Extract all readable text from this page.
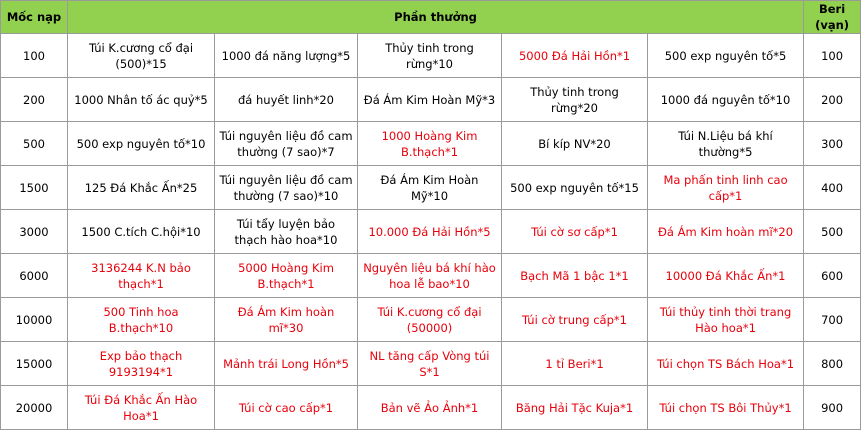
Mốc nạp	Phần thưởng					Beri (vạn)
100	Túi K.cương cổ đại (500)*15	1000 đá năng lượng*5	Thủy tinh trong rừng*10	5000 Đá Hải Hồn*1	500 exp nguyên tố*5	100
200	1000 Nhân tố ác quỷ*5	đá huyết linh*20	Đá Ám Kim Hoàn Mỹ*3	Thủy tinh trong rừng*20	1000 đá nguyên tố*10	200
500	500 exp nguyên tố*10	Túi nguyên liệu đồ cam thường (7 sao)*7	1000 Hoàng Kim B.thạch*1	Bí kíp NV*20	Túi N.Liệu bá khí thường*5	300
1500	125 Đá Khắc Ấn*25	Túi nguyên liệu đồ cam thường (7 sao)*10	Đá Ám Kim Hoàn Mỹ*10	500 exp nguyên tố*15	Ma phấn tinh linh cao cấp*1	400
3000	1500 C.tích C.hội*10	Túi tẩy luyện bảo thạch hào hoa*10	10.000 Đá Hải Hồn*5	Túi cờ sơ cấp*1	Đá Ám Kim hoàn mĩ*20	500
6000	3136244 K.N bảo thạch*1	5000 Hoàng Kim B.thạch*1	Nguyên liệu bá khí hào hoa lễ bao*10	Bạch Mã 1 bậc 1*1	10000 Đá Khắc Ấn*1	600
10000	500 Tinh hoa B.thạch*10	Đá Ám Kim hoàn mĩ*30	Túi K.cương cổ đại (50000)	Túi cờ trung cấp*1	Túi thủy tinh thời trang Hào hoa*1	700
15000	Exp bảo thạch 9193194*1	Mảnh trái Long Hồn*5	NL tăng cấp Vòng túi S*1	1 tỉ Beri*1	Túi chọn TS Bách Hoa*1	800
20000	Túi Đá Khắc Ấn Hào Hoa*1	Túi cờ cao cấp*1	Bản vẽ Ảo Ảnh*1	Băng Hải Tặc Kuja*1	Túi chọn TS Bôi Thủy*1	900
